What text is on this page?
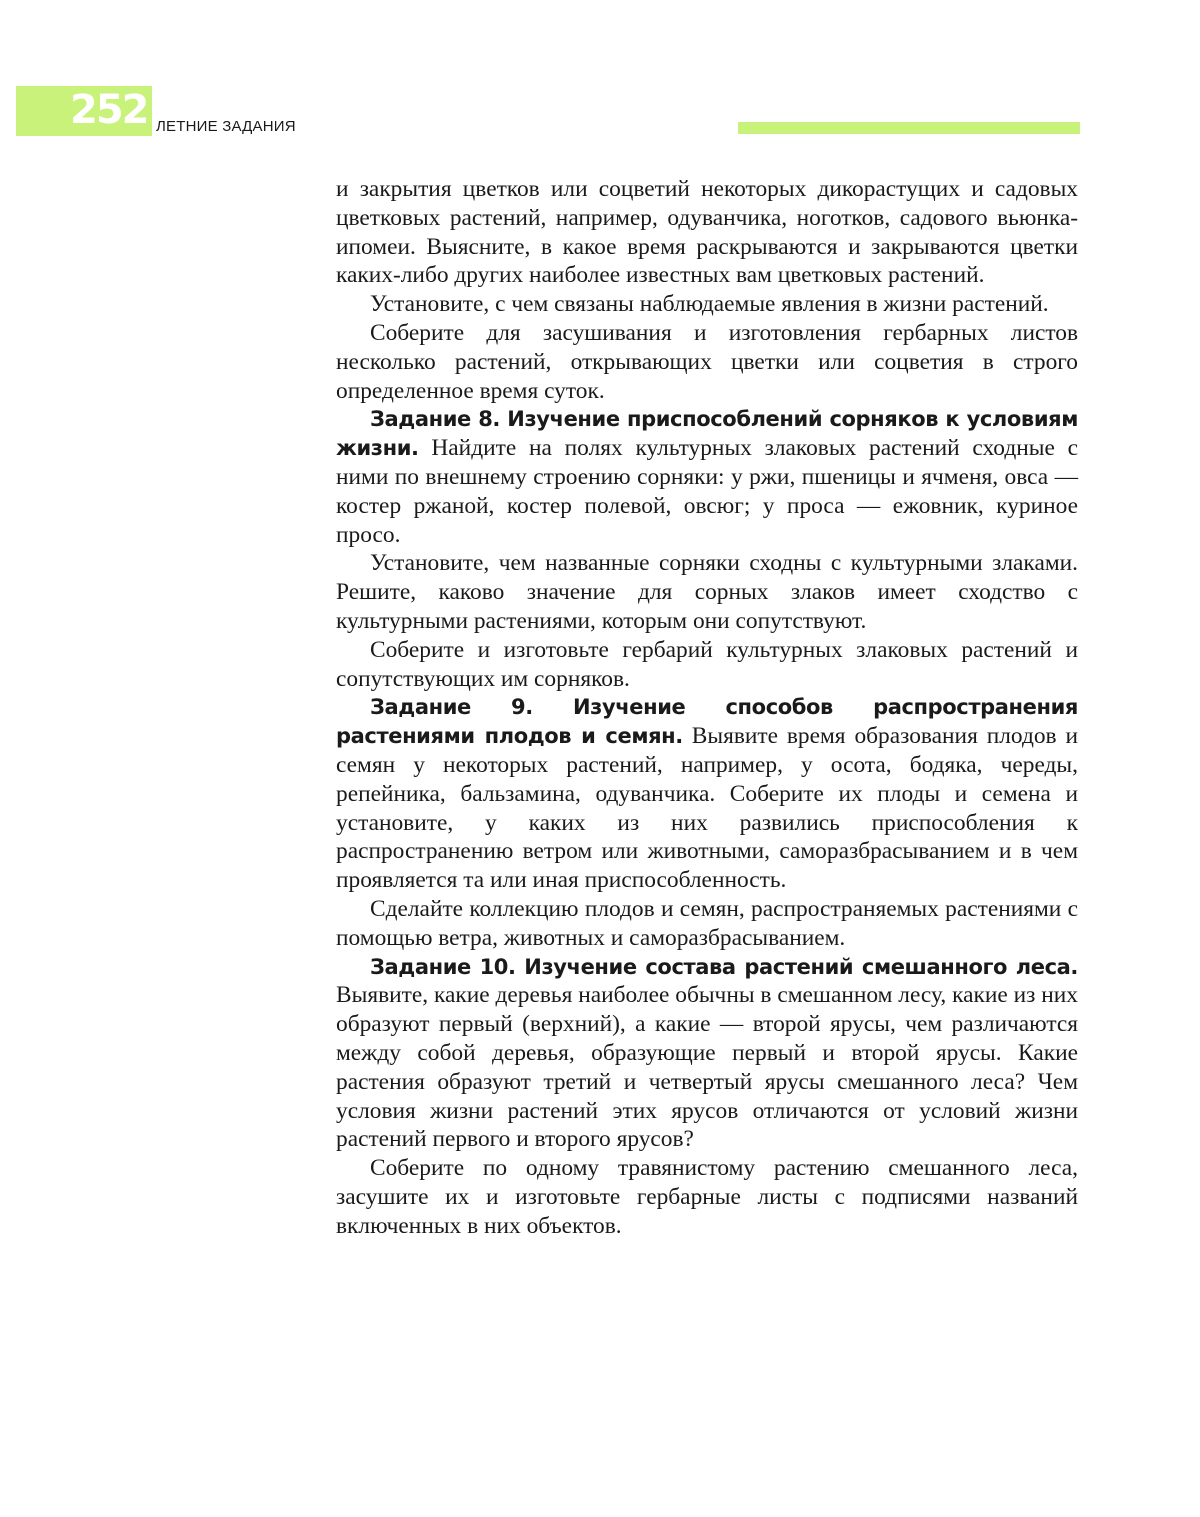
252 ЛЕТНИЕ ЗАДАНИЯ

и закрытия цветков или соцветий некоторых дикорастущих и садовых цветковых растений, например, одуванчика, ноготков, садового вьюнка-ипомеи. Выясните, в какое время раскрываются и закрываются цветки каких-либо других наиболее известных вам цветковых растений.

Установите, с чем связаны наблюдаемые явления в жизни растений.

Соберите для засушивания и изготовления гербарных листов несколько растений, открывающих цветки или соцветия в строго определенное время суток.

Задание 8. Изучение приспособлений сорняков к условиям жизни. Найдите на полях культурных злаковых растений сходные с ними по внешнему строению сорняки: у ржи, пшеницы и ячменя, овса — костер ржаной, костер полевой, овсюг; у проса — ежовник, куриное просо.

Установите, чем названные сорняки сходны с культурными злаками. Решите, каково значение для сорных злаков имеет сходство с культурными растениями, которым они сопутствуют.

Соберите и изготовьте гербарий культурных злаковых растений и сопутствующих им сорняков.

Задание 9. Изучение способов распространения растениями плодов и семян. Выявите время образования плодов и семян у некоторых растений, например, у осота, бодяка, череды, репейника, бальзамина, одуванчика. Соберите их плоды и семена и установите, у каких из них развились приспособления к распространению ветром или животными, саморазбрасыванием и в чем проявляется та или иная приспособленность.

Сделайте коллекцию плодов и семян, распространяемых растениями с помощью ветра, животных и саморазбрасыванием.

Задание 10. Изучение состава растений смешанного леса. Выявите, какие деревья наиболее обычны в смешанном лесу, какие из них образуют первый (верхний), а какие — второй ярусы, чем различаются между собой деревья, образующие первый и второй ярусы. Какие растения образуют третий и четвертый ярусы смешанного леса? Чем условия жизни растений этих ярусов отличаются от условий жизни растений первого и второго ярусов?

Соберите по одному травянистому растению смешанного леса, засушите их и изготовьте гербарные листы с подписями названий включенных в них объектов.
